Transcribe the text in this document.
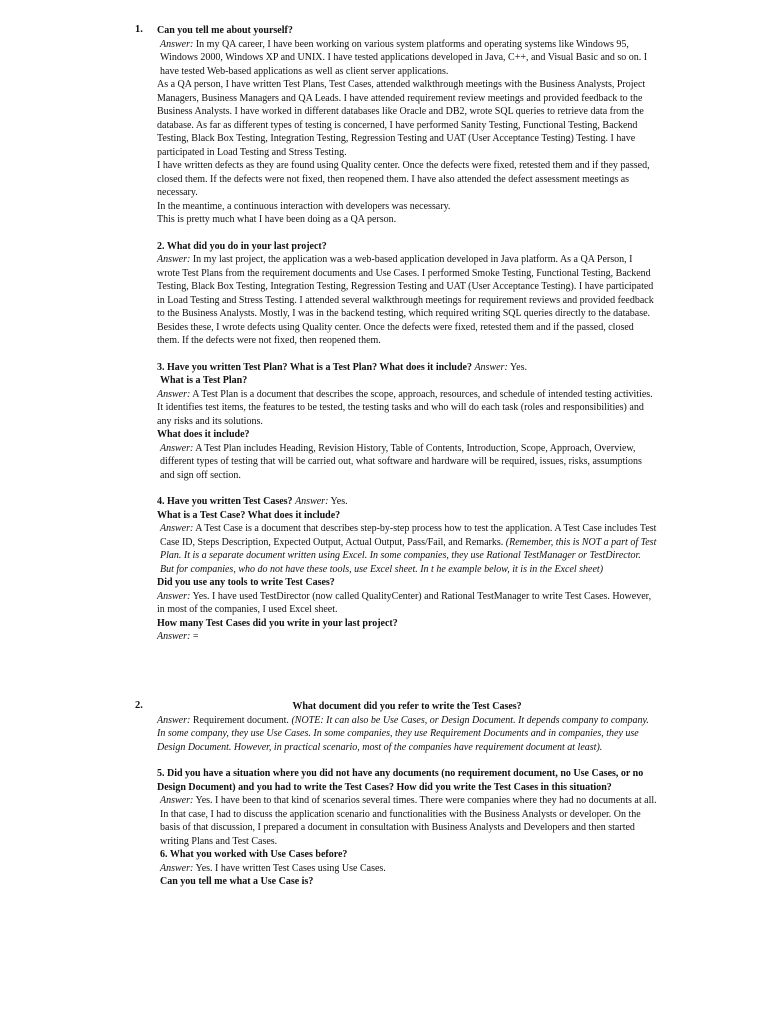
1. Can you tell me about yourself?

Answer: In my QA career, I have been working on various system platforms and operating systems like Windows 95, Windows 2000, Windows XP and UNIX. I have tested applications developed in Java, C++, and Visual Basic and so on. I have tested Web-based applications as well as client server applications.

As a QA person, I have written Test Plans, Test Cases, attended walkthrough meetings with the Business Analysts, Project Managers, Business Managers and QA Leads. I have attended requirement review meetings and provided feedback to the Business Analysts. I have worked in different databases like Oracle and DB2, wrote SQL queries to retrieve data from the database. As far as different types of testing is concerned, I have performed Sanity Testing, Functional Testing, Backend Testing, Black Box Testing, Integration Testing, Regression Testing and UAT (User Acceptance Testing) Testing. I have participated in Load Testing and Stress Testing.

I have written defects as they are found using Quality center. Once the defects were fixed, retested them and if they passed, closed them. If the defects were not fixed, then reopened them. I have also attended the defect assessment meetings as necessary.

In the meantime, a continuous interaction with developers was necessary.

This is pretty much what I have been doing as a QA person.

2. What did you do in your last project?

Answer: In my last project, the application was a web-based application developed in Java platform. As a QA Person, I wrote Test Plans from the requirement documents and Use Cases. I performed Smoke Testing, Functional Testing, Backend Testing, Black Box Testing, Integration Testing, Regression Testing and UAT (User Acceptance Testing). I have participated in Load Testing and Stress Testing. I attended several walkthrough meetings for requirement reviews and provided feedback to the Business Analysts. Mostly, I was in the backend testing, which required writing SQL queries directly to the database.

Besides these, I wrote defects using Quality center. Once the defects were fixed, retested them and if the passed, closed them. If the defects were not fixed, then reopened them.

3. Have you written Test Plan? What is a Test Plan? What does it include? Answer: Yes.

What is a Test Plan?

Answer: A Test Plan is a document that describes the scope, approach, resources, and schedule of intended testing activities. It identifies test items, the features to be tested, the testing tasks and who will do each task (roles and responsibilities) and any risks and its solutions.

What does it include?

Answer: A Test Plan includes Heading, Revision History, Table of Contents, Introduction, Scope, Approach, Overview, different types of testing that will be carried out, what software and hardware will be required, issues, risks, assumptions and sign off section.

4. Have you written Test Cases? Answer: Yes.

What is a Test Case? What does it include?

Answer: A Test Case is a document that describes step-by-step process how to test the application. A Test Case includes Test Case ID, Steps Description, Expected Output, Actual Output, Pass/Fail, and Remarks. (Remember, this is NOT a part of Test Plan. It is a separate document written using Excel. In some companies, they use Rational TestManager or TestDirector. But for companies, who do not have these tools, use Excel sheet. In t he example below, it is in the Excel sheet)

Did you use any tools to write Test Cases?

Answer: Yes. I have used TestDirector (now called QualityCenter) and Rational TestManager to write Test Cases. However, in most of the companies, I used Excel sheet.

How many Test Cases did you write in your last project?

Answer: =

2.	What document did you refer to write the Test Cases?

Answer: Requirement document. (NOTE: It can also be Use Cases, or Design Document. It depends company to company. In some company, they use Use Cases. In some companies, they use Requirement Documents and in companies, they use Design Document. However, in practical scenario, most of the companies have requirement document at least).

5. Did you have a situation where you did not have any documents (no requirement document, no Use Cases, or no Design Document) and you had to write the Test Cases? How did you write the Test Cases in this situation?

Answer: Yes. I have been to that kind of scenarios several times. There were companies where they had no documents at all. In that case, I had to discuss the application scenario and functionalities with the Business Analysts or developer. On the basis of that discussion, I prepared a document in consultation with Business Analysts and Developers and then started writing Plans and Test Cases.

6. What you worked with Use Cases before?

Answer: Yes. I have written Test Cases using Use Cases.

Can you tell me what a Use Case is?
